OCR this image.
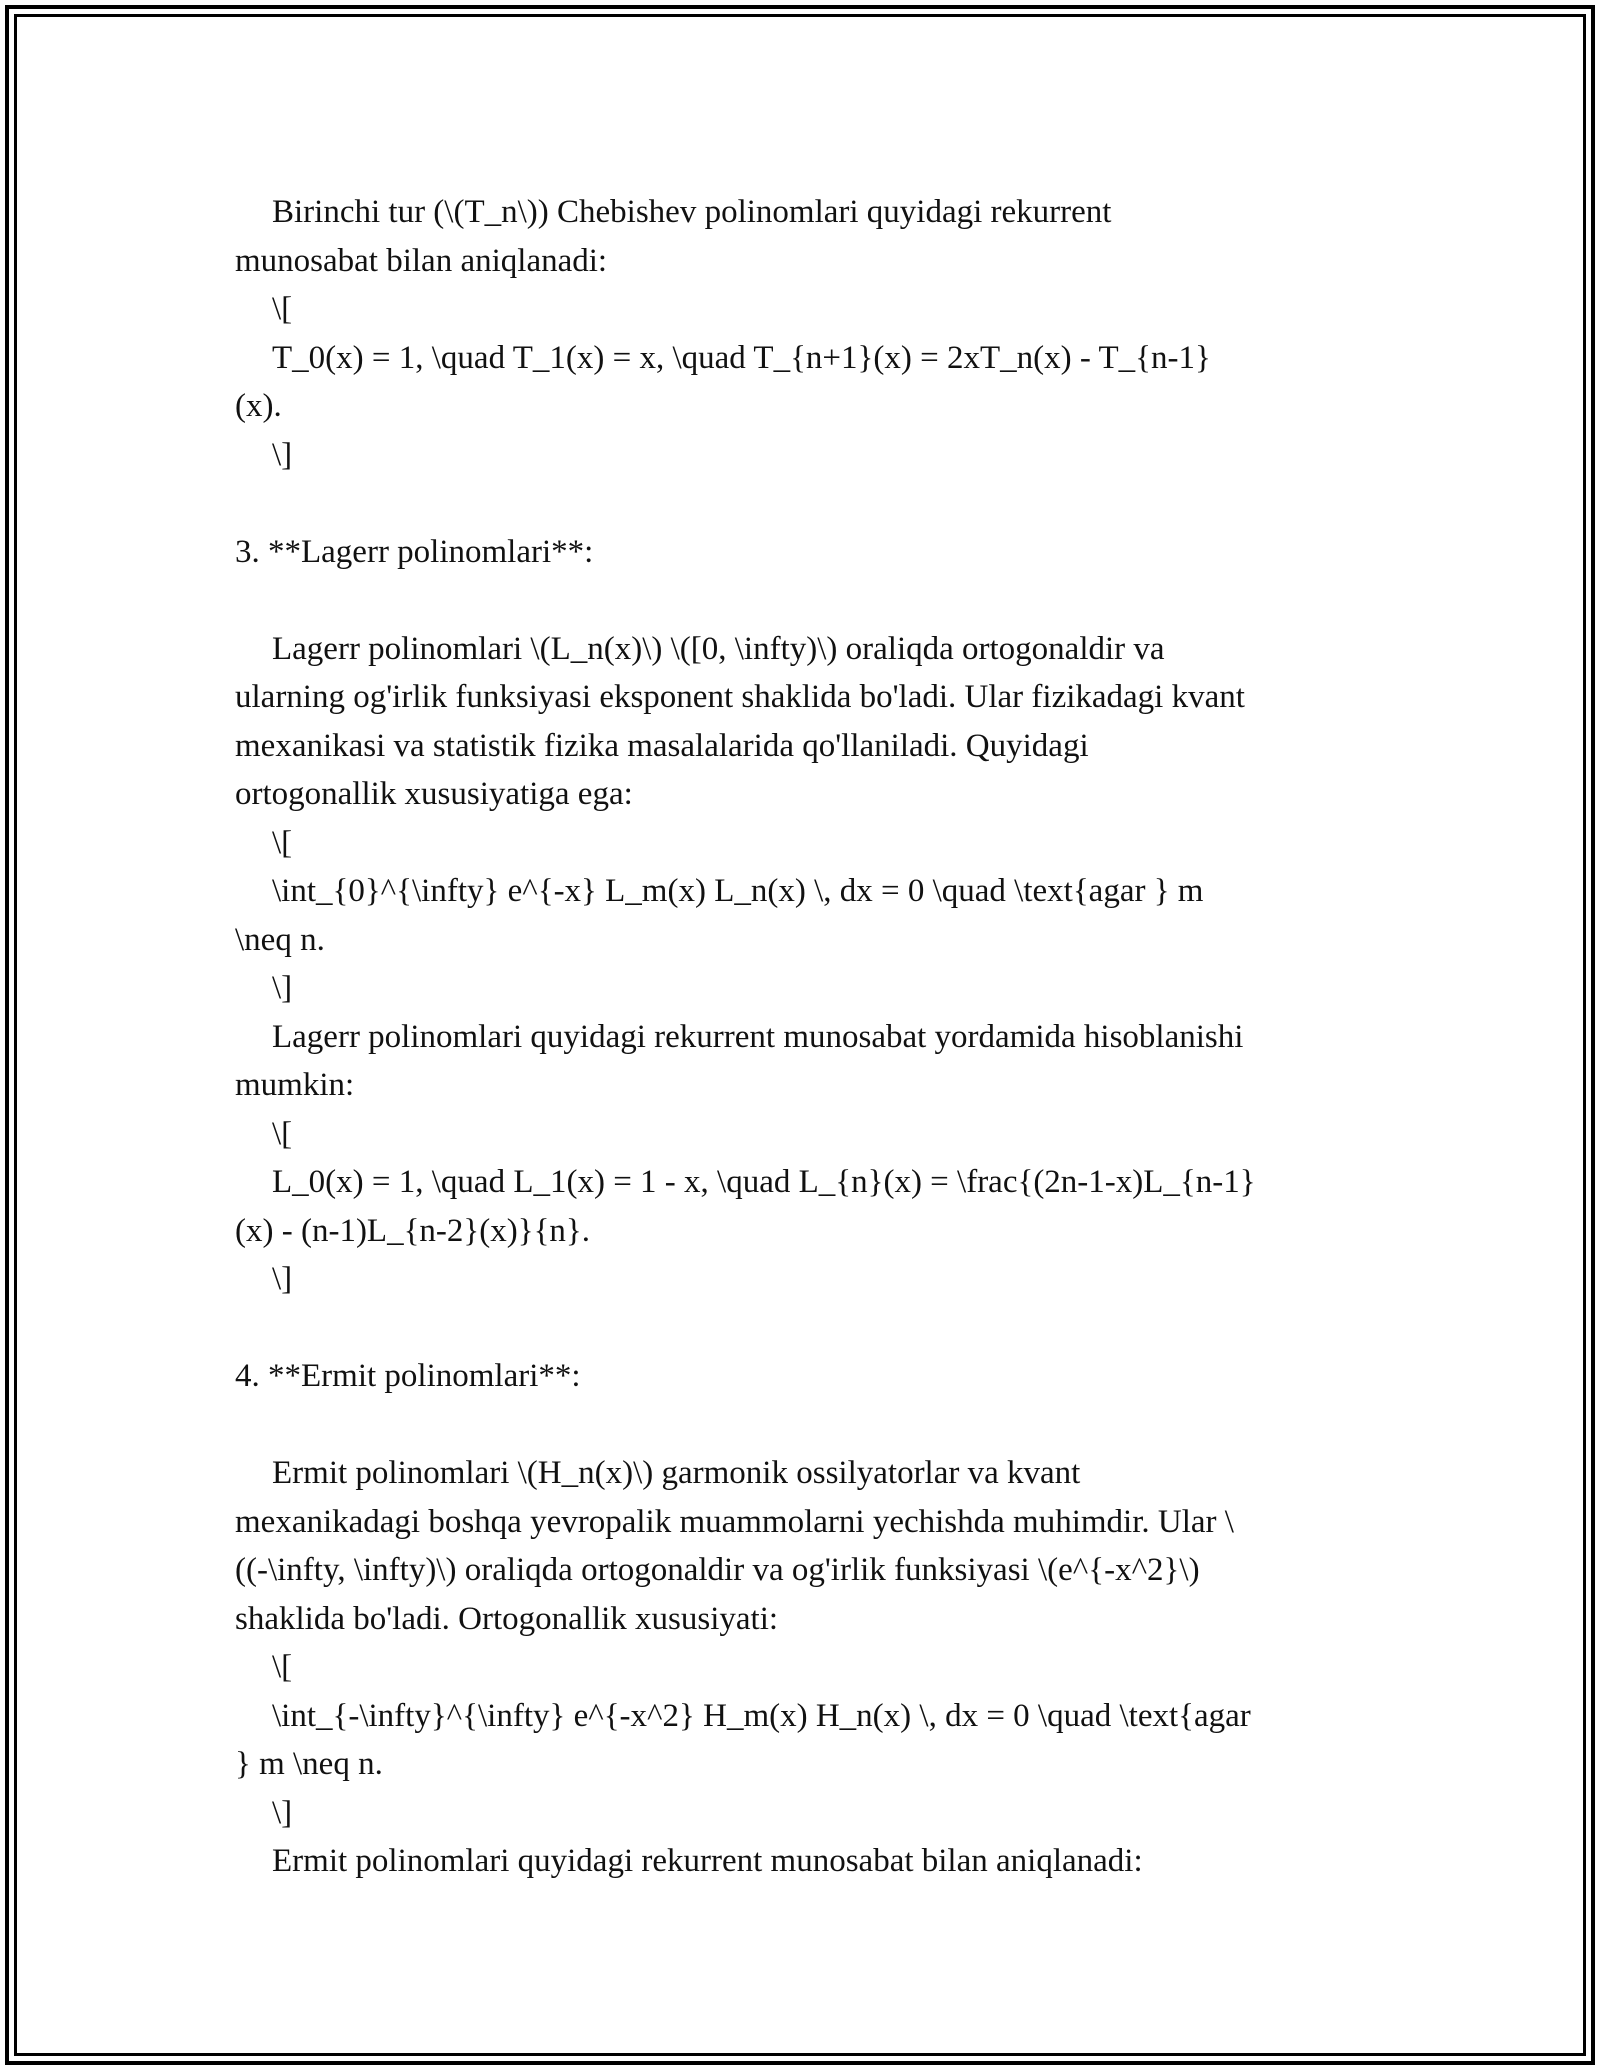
Birinchi tur (\(T_n\)) Chebishev polinomlari quyidagi rekurrent
munosabat bilan aniqlanadi:
\[
T_0(x) = 1, \quad T_1(x) = x, \quad T_{n+1}(x) = 2xT_n(x) - T_{n-1}
(x).
\]
3. **Lagerr polinomlari**:
Lagerr polinomlari \(L_n(x)\) \([0, \infty)\) oraliqda ortogonaldir va
ularning og'irlik funksiyasi eksponent shaklida bo'ladi. Ular fizikadagi kvant
mexanikasi va statistik fizika masalalarida qo'llaniladi. Quyidagi
ortogonallik xususiyatiga ega:
\[
\int_{0}^{\infty} e^{-x} L_m(x) L_n(x) \, dx = 0 \quad \text{agar } m
\neq n.
\]
Lagerr polinomlari quyidagi rekurrent munosabat yordamida hisoblanishi
mumkin:
\[
L_0(x) = 1, \quad L_1(x) = 1 - x, \quad L_{n}(x) = \frac{(2n-1-x)L_{n-1}
(x) - (n-1)L_{n-2}(x)}{n}.
\]
4. **Ermit polinomlari**:
Ermit polinomlari \(H_n(x)\) garmonik ossilyatorlar va kvant
mexanikadagi boshqa yevropalik muammolarni yechishda muhimdir. Ular \
((-\infty, \infty)\) oraliqda ortogonaldir va og'irlik funksiyasi \(e^{-x^2}\)
shaklida bo'ladi. Ortogonallik xususiyati:
\[
\int_{-\infty}^{\infty} e^{-x^2} H_m(x) H_n(x) \, dx = 0 \quad \text{agar
} m \neq n.
\]
Ermit polinomlari quyidagi rekurrent munosabat bilan aniqlanadi:
